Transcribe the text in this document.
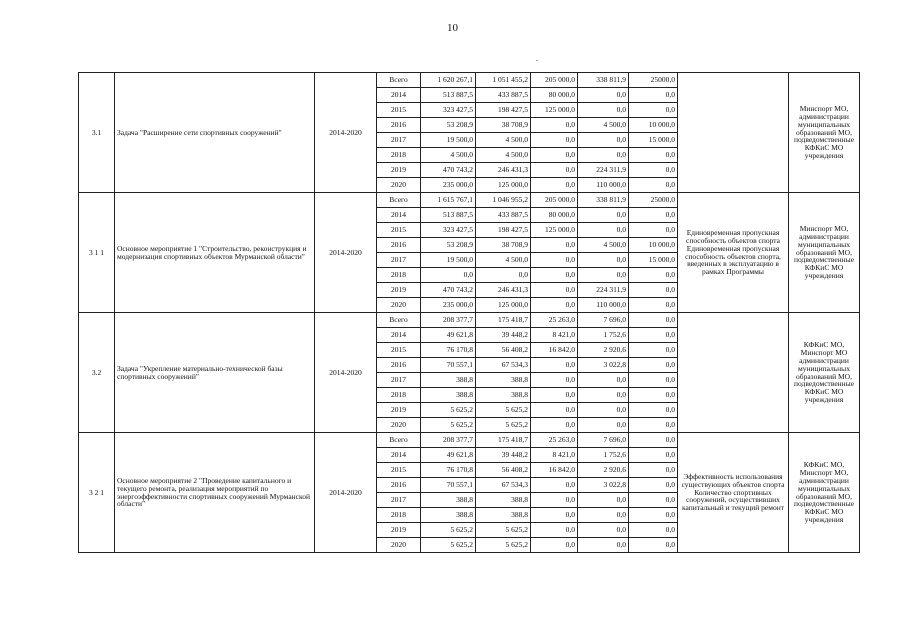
10
.
3.1	Задача "Расширение сети спортивных сооружений"	2014-2020	Всего	1 620 267,1	1 051 455,2	205 000,0	338 811,9	25000,0		Минспорт МО, администрации муниципальных образований МО, подведомственные КФКиС МО учреждения
			2014	513 887,5	433 887,5	80 000,0	0,0	0,0		
			2015	323 427,5	198 427,5	125 000,0	0,0	0,0		
			2016	53 208,9	38 708,9	0,0	4 500,0	10 000,0		
			2017	19 500,0	4 500,0	0,0	0,0	15 000,0		
			2018	4 500,0	4 500,0	0,0	0,0	0,0		
			2019	470 743,2	246 431,3	0,0	224 311,9	0,0		
			2020	235 000,0	125 000,0	0,0	110 000,0	0,0		
3 1 1	Основное мероприятие 1 "Строительство, реконструкция и модернизация спортивных объектов Мурманской области"	2014-2020	Всего	1 615 767,1	1 046 955,2	205 000,0	338 811,9	25000,0	Единовременная пропускная способность объектов спорта Единовременная пропускная способность объектов спорта, введенных в эксплуатацию в рамках Программы	Минспорт МО, администрации муниципальных образований МО, подведомственные КФКиС МО учреждения
			2014	513 887,5	433 887,5	80 000,0	0,0	0,0		
			2015	323 427,5	198 427,5	125 000,0	0,0	0,0		
			2016	53 208,9	38 708,9	0,0	4 500,0	10 000,0		
			2017	19 500,0	4 500,0	0,0	0,0	15 000,0		
			2018	0,0	0,0	0,0	0,0	0,0		
			2019	470 743,2	246 431,3	0,0	224 311,9	0,0		
			2020	235 000,0	125 000,0	0,0	110 000,0	0,0		
3.2	Задача "Укрепление материально-технической базы спортивных сооружений"	2014-2020	Всего	208 377,7	175 418,7	25 263,0	7 696,0	0,0		КФКиС МО, Минспорт МО администрации муниципальных образований МО, подведомственные КФКиС МО учреждения
			2014	49 621,8	39 448,2	8 421,0	1 752,6	0,0		
			2015	76 170,8	56 408,2	16 842,0	2 920,6	0,0		
			2016	70 557,1	67 534,3	0,0	3 022,8	0,0		
			2017	388,8	388,8	0,0	0,0	0,0		
			2018	388,8	388,8	0,0	0,0	0,0		
			2019	5 625,2	5 625,2	0,0	0,0	0,0		
			2020	5 625,2	5 625,2	0,0	0,0	0,0		
3 2 1	Основное мероприятие 2 "Проведение капитального и текущего ремонта, реализация мероприятий по энергоэффективности спортивных сооружений Мурманской области"	2014-2020	Всего	208 377,7	175 418,7	25 263,0	7 696,0	0,0	Эффективность использования существующих объектов спорта Количество спортивных сооружений, осуществивших капитальный и текущий ремонт	КФКиС МО, Минспорт МО, администрации муниципальных образований МО, подведомственные КФКиС МО учреждения
			2014	49 621,8	39 448,2	8 421,0	1 752,6	0,0		
			2015	76 170,8	56 408,2	16 842,0	2 920,6	0,0		
			2016	70 557,1	67 534,3	0,0	3 022,8	0,0		
			2017	388,8	388,8	0,0	0,0	0,0		
			2018	388,8	388,8	0,0	0,0	0,0		
			2019	5 625,2	5 625,2	0,0	0,0	0,0		
			2020	5 625,2	5 625,2	0,0	0,0	0,0		
